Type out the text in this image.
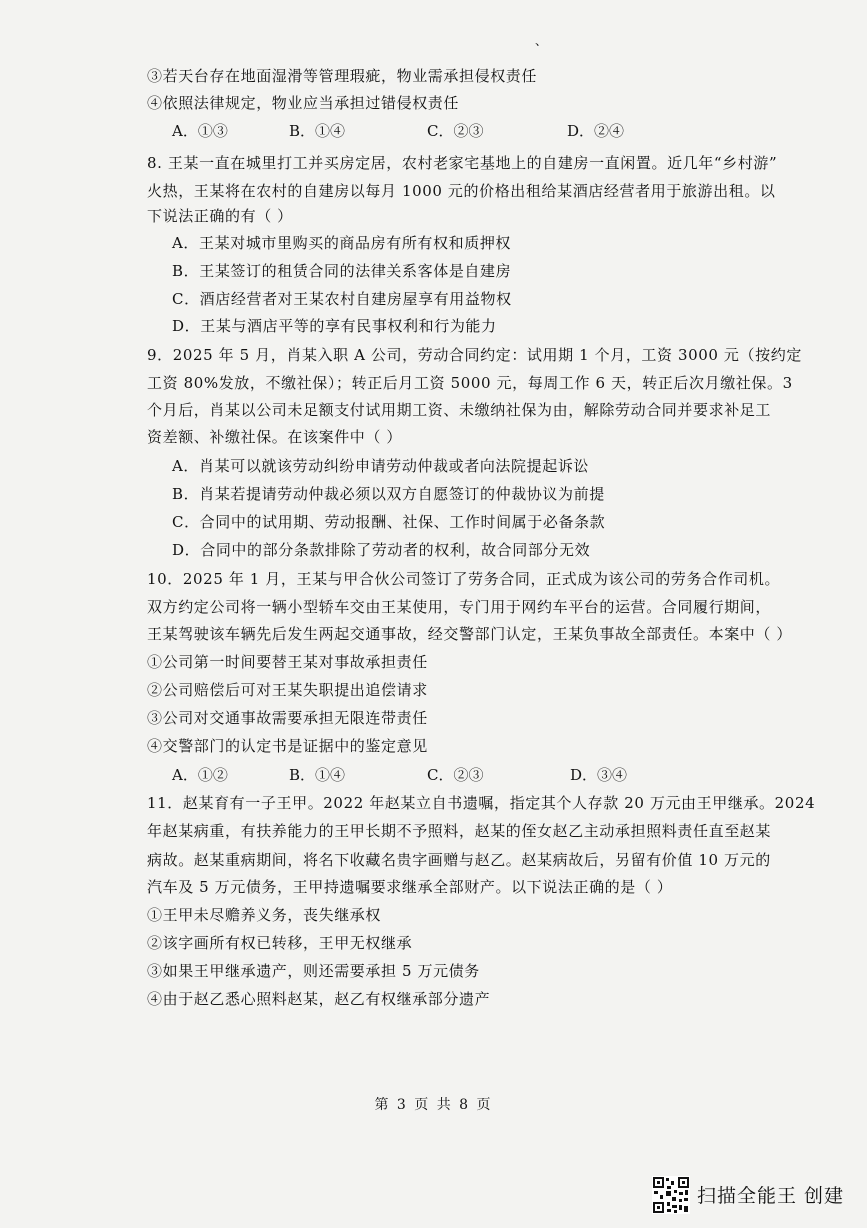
、
③若天台存在地面湿滑等管理瑕疵，物业需承担侵权责任
④依照法律规定，物业应当承担过错侵权责任
A．①③	B．①④	C．②③	D．②④
8. 王某一直在城里打工并买房定居，农村老家宅基地上的自建房一直闲置。近几年“乡村游”
火热，王某将在农村的自建房以每月 1000 元的价格出租给某酒店经营者用于旅游出租。以
下说法正确的有（ ）
A．王某对城市里购买的商品房有所有权和质押权
B．王某签订的租赁合同的法律关系客体是自建房
C．酒店经营者对王某农村自建房屋享有用益物权
D．王某与酒店平等的享有民事权利和行为能力
9．2025 年 5 月，肖某入职 A 公司，劳动合同约定：试用期 1 个月，工资 3000 元（按约定
工资 80%发放，不缴社保）；转正后月工资 5000 元，每周工作 6 天，转正后次月缴社保。3
个月后，肖某以公司未足额支付试用期工资、未缴纳社保为由，解除劳动合同并要求补足工
资差额、补缴社保。在该案件中（ ）
A．肖某可以就该劳动纠纷申请劳动仲裁或者向法院提起诉讼
B．肖某若提请劳动仲裁必须以双方自愿签订的仲裁协议为前提
C．合同中的试用期、劳动报酬、社保、工作时间属于必备条款
D．合同中的部分条款排除了劳动者的权利，故合同部分无效
10．2025 年 1 月，王某与甲合伙公司签订了劳务合同，正式成为该公司的劳务合作司机。
双方约定公司将一辆小型轿车交由王某使用，专门用于网约车平台的运营。合同履行期间，
王某驾驶该车辆先后发生两起交通事故，经交警部门认定，王某负事故全部责任。本案中（ ）
①公司第一时间要替王某对事故承担责任
②公司赔偿后可对王某失职提出追偿请求
③公司对交通事故需要承担无限连带责任
④交警部门的认定书是证据中的鉴定意见
A．①②	B．①④	C．②③	D．③④
11．赵某育有一子王甲。2022 年赵某立自书遗嘱，指定其个人存款 20 万元由王甲继承。2024
年赵某病重，有扶养能力的王甲长期不予照料，赵某的侄女赵乙主动承担照料责任直至赵某
病故。赵某重病期间，将名下收藏名贵字画赠与赵乙。赵某病故后，另留有价值 10 万元的
汽车及 5 万元债务，王甲持遗嘱要求继承全部财产。以下说法正确的是（ ）
①王甲未尽赡养义务，丧失继承权
②该字画所有权已转移，王甲无权继承
③如果王甲继承遗产，则还需要承担 5 万元债务
④由于赵乙悉心照料赵某，赵乙有权继承部分遗产
第 3 页 共 8 页
扫描全能王 创建
